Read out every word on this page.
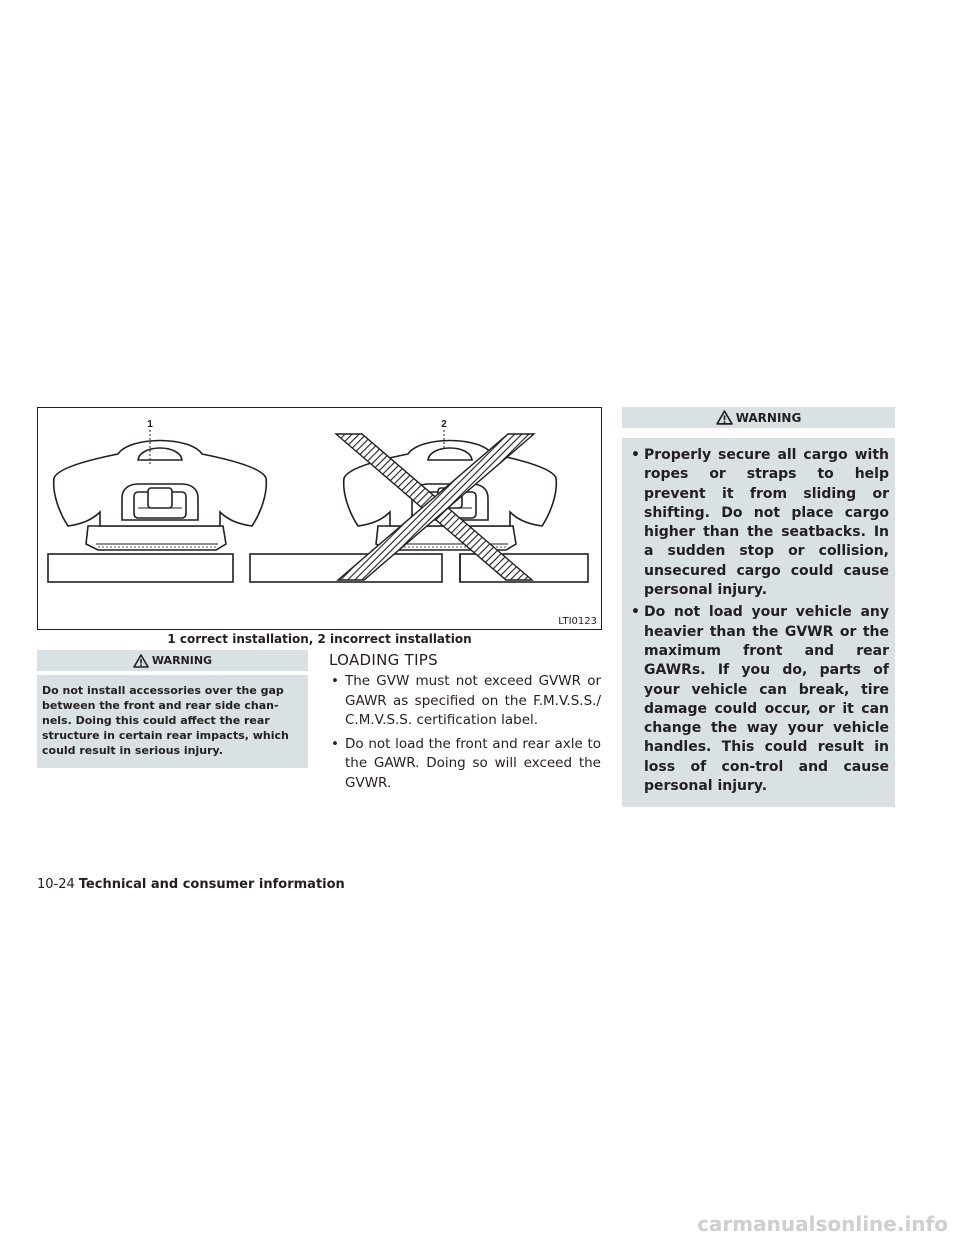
1	2
LTI0123
1 correct installation, 2 incorrect installation
WARNING
Do not install accessories over the gap between the front and rear side chan-nels. Doing this could affect the rear structure in certain rear impacts, which could result in serious injury.
LOADING TIPS
• The GVW must not exceed GVWR or GAWR as specified on the F.M.V.S.S./ C.M.V.S.S. certification label.
• Do not load the front and rear axle to the GAWR. Doing so will exceed the GVWR.
WARNING
• Properly secure all cargo with ropes or straps to help prevent it from sliding or shifting. Do not place cargo higher than the seatbacks. In a sudden stop or collision, unsecured cargo could cause personal injury.
• Do not load your vehicle any heavier than the GVWR or the maximum front and rear GAWRs. If you do, parts of your vehicle can break, tire damage could occur, or it can change the way your vehicle handles. This could result in loss of con-trol and cause personal injury.
10-24 Technical and consumer information
carmanualsonline.info
